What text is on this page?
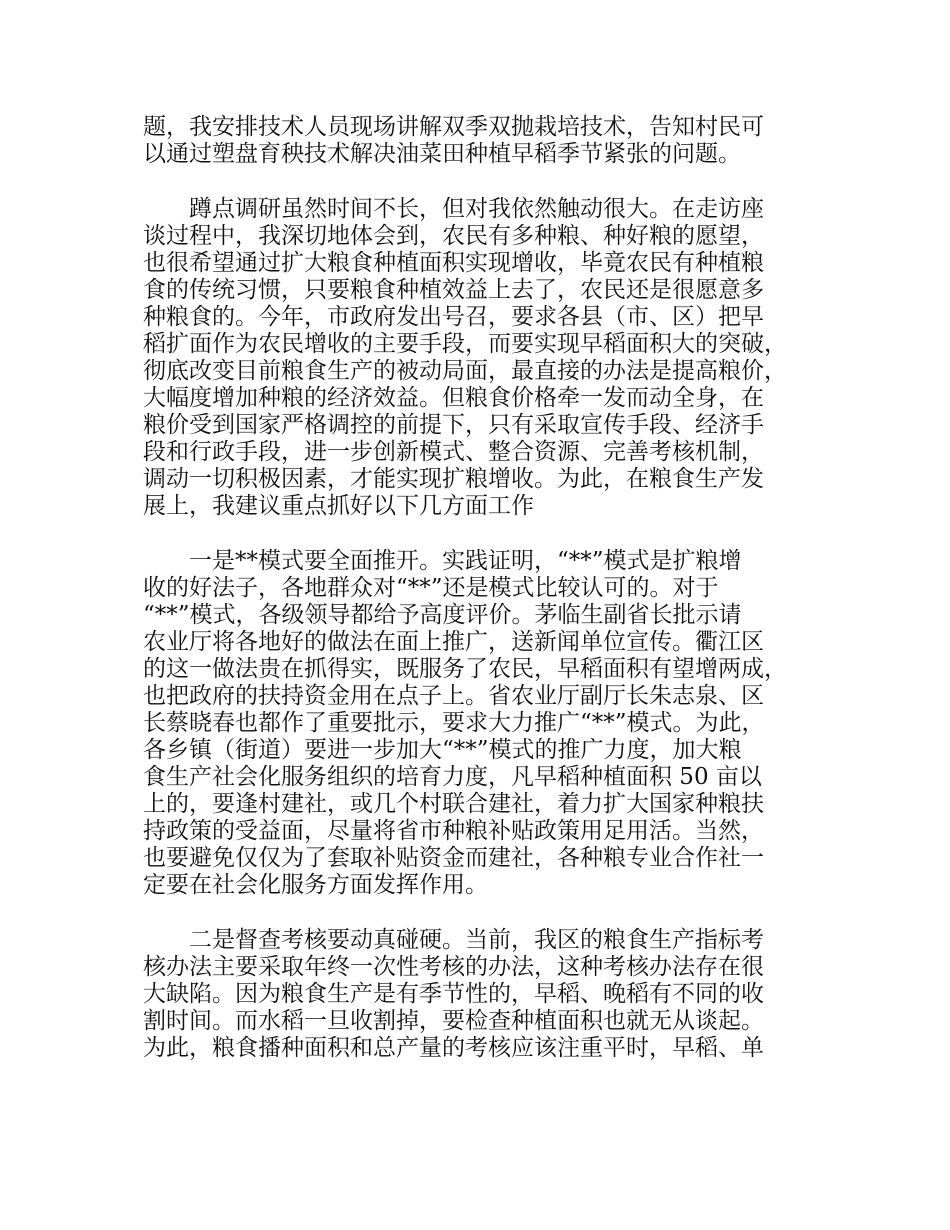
题，我安排技术人员现场讲解双季双抛栽培技术，告知村民可
以通过塑盘育秧技术解决油菜田种植早稻季节紧张的问题。
　　蹲点调研虽然时间不长，但对我依然触动很大。在走访座
谈过程中，我深切地体会到，农民有多种粮、种好粮的愿望，
也很希望通过扩大粮食种植面积实现增收，毕竟农民有种植粮
食的传统习惯，只要粮食种植效益上去了，农民还是很愿意多
种粮食的。今年，市政府发出号召，要求各县（市、区）把早
稻扩面作为农民增收的主要手段，而要实现早稻面积大的突破，
彻底改变目前粮食生产的被动局面，最直接的办法是提高粮价，
大幅度增加种粮的经济效益。但粮食价格牵一发而动全身，在
粮价受到国家严格调控的前提下，只有采取宣传手段、经济手
段和行政手段，进一步创新模式、整合资源、完善考核机制，
调动一切积极因素，才能实现扩粮增收。为此，在粮食生产发
展上，我建议重点抓好以下几方面工作
　　一是**模式要全面推开。实践证明，“**”模式是扩粮增
收的好法子，各地群众对“**”还是模式比较认可的。对于
“**”模式，各级领导都给予高度评价。茅临生副省长批示请
农业厅将各地好的做法在面上推广，送新闻单位宣传。衢江区
的这一做法贵在抓得实，既服务了农民，早稻面积有望增两成，
也把政府的扶持资金用在点子上。省农业厅副厅长朱志泉、区
长蔡晓春也都作了重要批示，要求大力推广“**”模式。为此，
各乡镇（街道）要进一步加大“**”模式的推广力度，加大粮
食生产社会化服务组织的培育力度，凡早稻种植面积 50 亩以
上的，要逢村建社，或几个村联合建社，着力扩大国家种粮扶
持政策的受益面，尽量将省市种粮补贴政策用足用活。当然，
也要避免仅仅为了套取补贴资金而建社，各种粮专业合作社一
定要在社会化服务方面发挥作用。
　　二是督查考核要动真碰硬。当前，我区的粮食生产指标考
核办法主要采取年终一次性考核的办法，这种考核办法存在很
大缺陷。因为粮食生产是有季节性的，早稻、晚稻有不同的收
割时间。而水稻一旦收割掉，要检查种植面积也就无从谈起。
为此，粮食播种面积和总产量的考核应该注重平时，早稻、单
